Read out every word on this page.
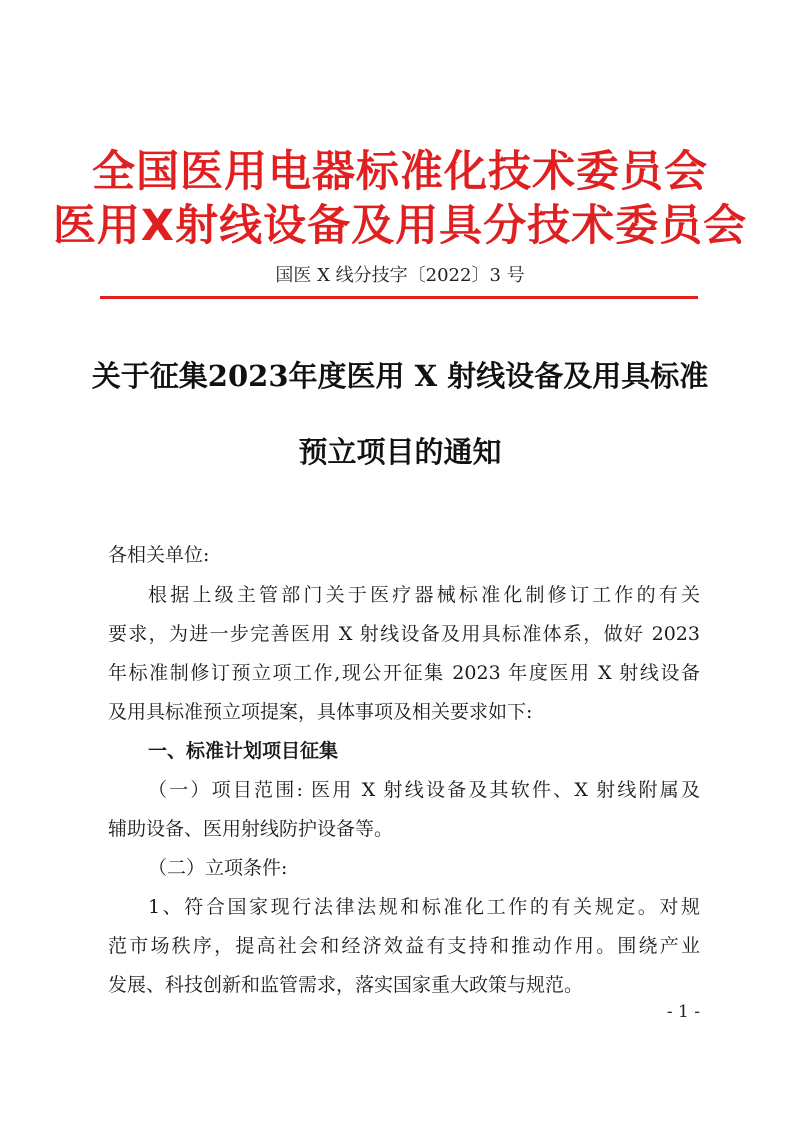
全国医用电器标准化技术委员会
医用X射线设备及用具分技术委员会
国医 X 线分技字〔2022〕3 号
关于征集2023年度医用 X 射线设备及用具标准
预立项目的通知
各相关单位:
根据上级主管部门关于医疗器械标准化制修订工作的有关
要求，为进一步完善医用 X 射线设备及用具标准体系，做好 2023
年标准制修订预立项工作,现公开征集 2023 年度医用 X 射线设备
及用具标准预立项提案，具体事项及相关要求如下:
一、标准计划项目征集
（一）项目范围: 医用 X 射线设备及其软件、X 射线附属及
辅助设备、医用射线防护设备等。
（二）立项条件:
1、符合国家现行法律法规和标准化工作的有关规定。对规
范市场秩序，提高社会和经济效益有支持和推动作用。围绕产业
发展、科技创新和监管需求，落实国家重大政策与规范。
- 1 -
